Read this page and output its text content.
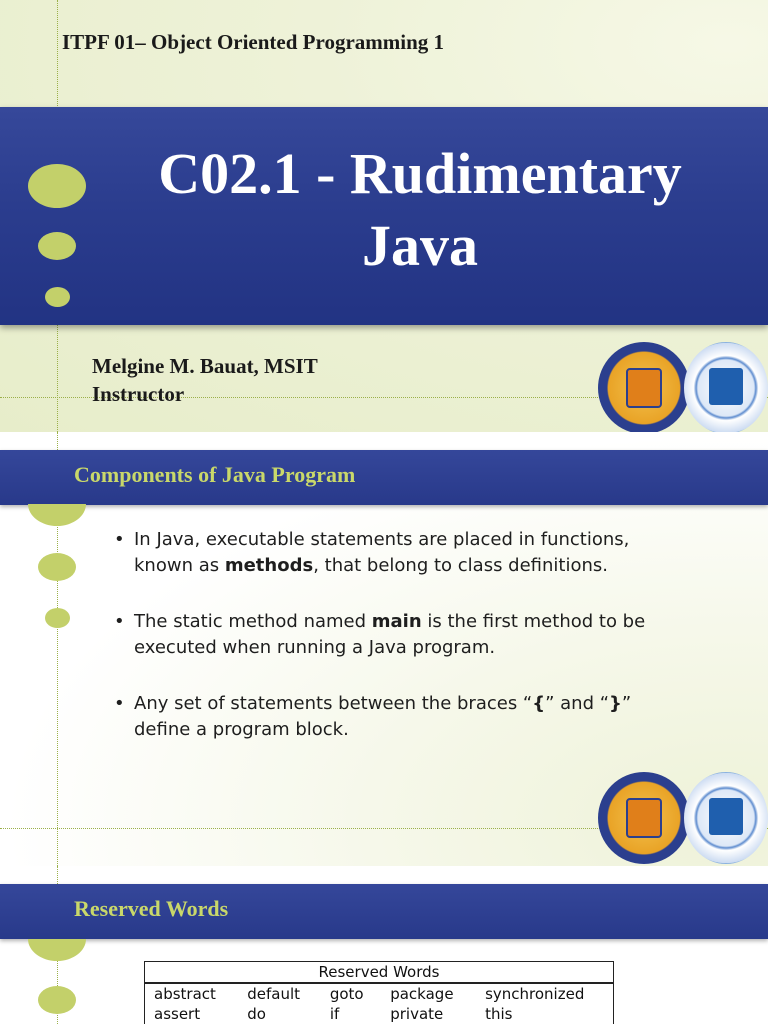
ITPF 01– Object Oriented Programming 1
C02.1 - Rudimentary
Java
Melgine M. Bauat, MSIT
Instructor
Components of Java Program
• In Java, executable statements are placed in functions, known as methods, that belong to class definitions.
• The static method named main is the first method to be executed when running a Java program.
• Any set of statements between the braces “{” and “}” define a program block.
Reserved Words
Reserved Words				
abstract	default	goto	package	synchronized
assert	do	if	private	this
